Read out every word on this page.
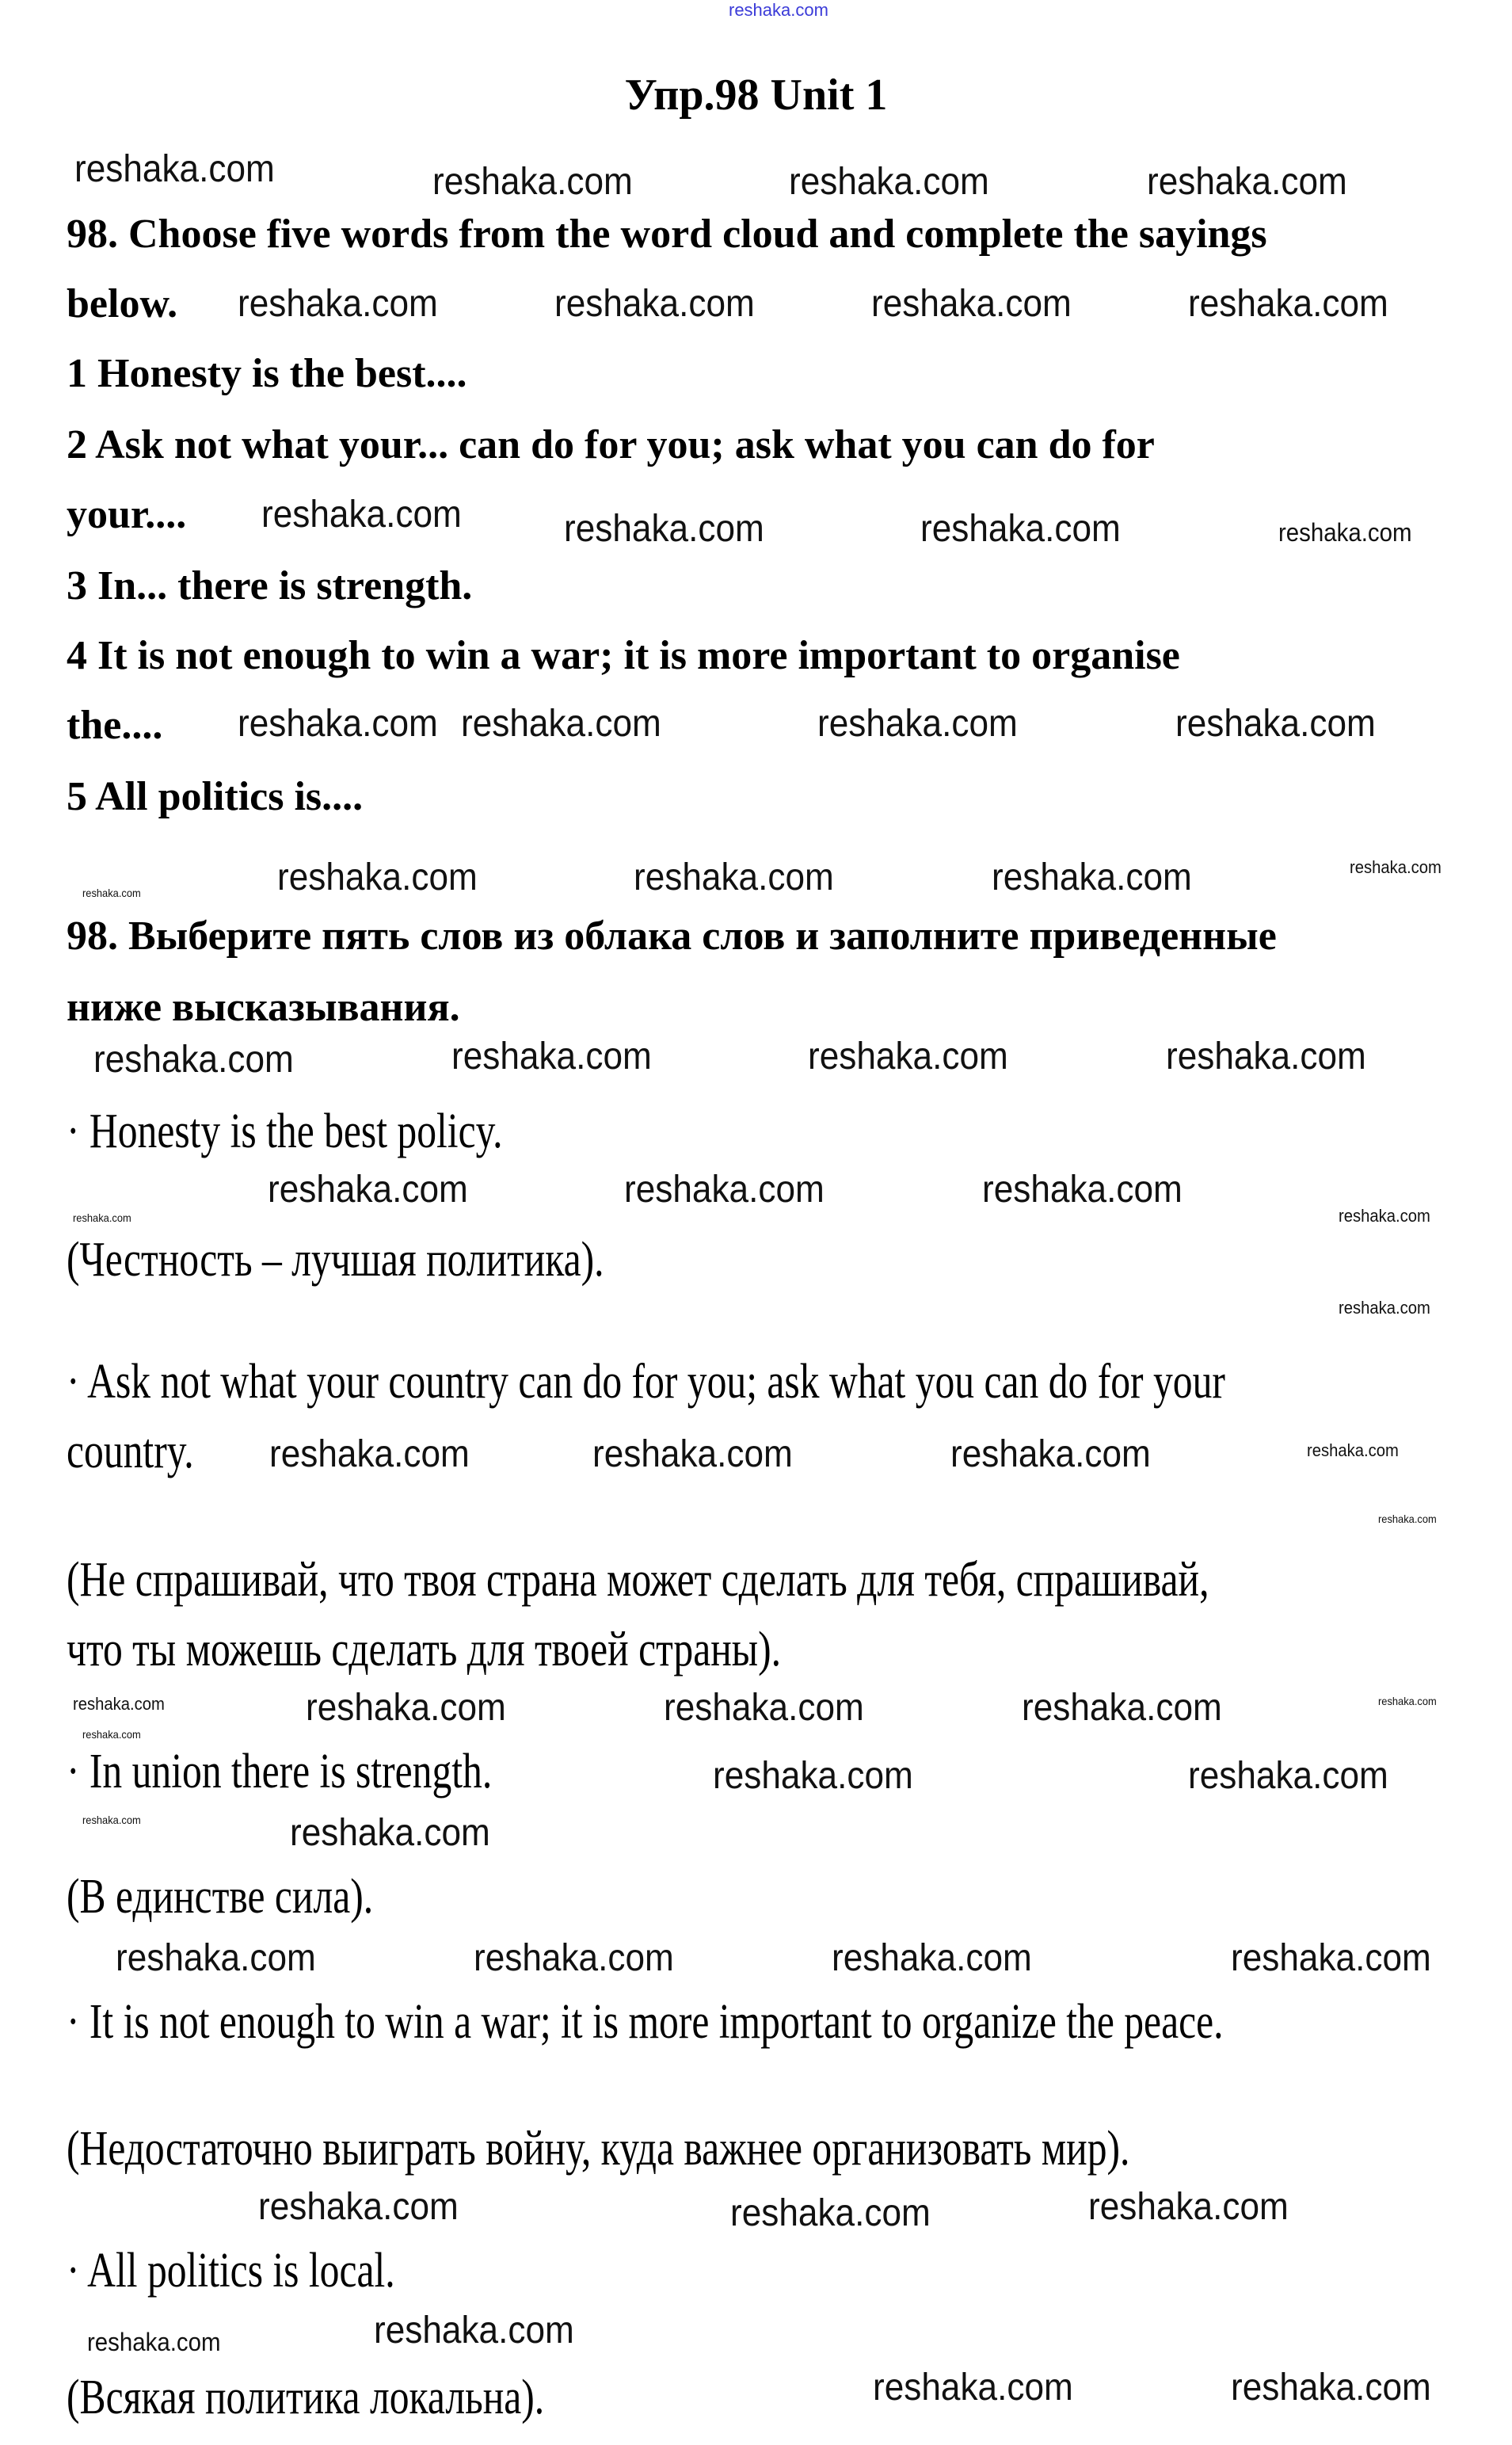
reshaka.com
Упр.98 Unit 1
98. Choose five words from the word cloud and complete the sayings
below.
1 Honesty is the best....
2 Ask not what your... can do for you; ask what you can do for
your....
3 In... there is strength.
4 It is not enough to win a war; it is more important to organise
the....
5 All politics is....
98. Выберите пять слов из облака слов и заполните приведенные
ниже высказывания.
· Honesty is the best policy.
(Честность – лучшая политика).
· Ask not what your country can do for you; ask what you can do for your
country.
(Не спрашивай, что твоя страна может сделать для тебя, спрашивай,
что ты можешь сделать для твоей страны).
· In union there is strength.
(В единстве сила).
· It is not enough to win a war; it is more important to organize the peace.
(Недостаточно выиграть войну, куда важнее организовать мир).
· All politics is local.
(Всякая политика локальна).
reshaka.com	reshaka.com	reshaka.com	reshaka.com
reshaka.com	reshaka.com	reshaka.com	reshaka.com
reshaka.com	reshaka.com	reshaka.com	reshaka.com
reshaka.com reshaka.com	reshaka.com	reshaka.com
reshaka.com	reshaka.com	reshaka.com	reshaka.com
reshaka.com
reshaka.com	reshaka.com	reshaka.com	reshaka.com
reshaka.com	reshaka.com	reshaka.com
reshaka.com
reshaka.com
reshaka.com
reshaka.com	reshaka.com	reshaka.com
reshaka.com
reshaka.com
reshaka.com	reshaka.com	reshaka.com
reshaka.com	reshaka.com
reshaka.com
reshaka.com	reshaka.com
reshaka.com	reshaka.com
reshaka.com	reshaka.com	reshaka.com	reshaka.com
reshaka.com	reshaka.com	reshaka.com
reshaka.com	reshaka.com
reshaka.com	reshaka.com
